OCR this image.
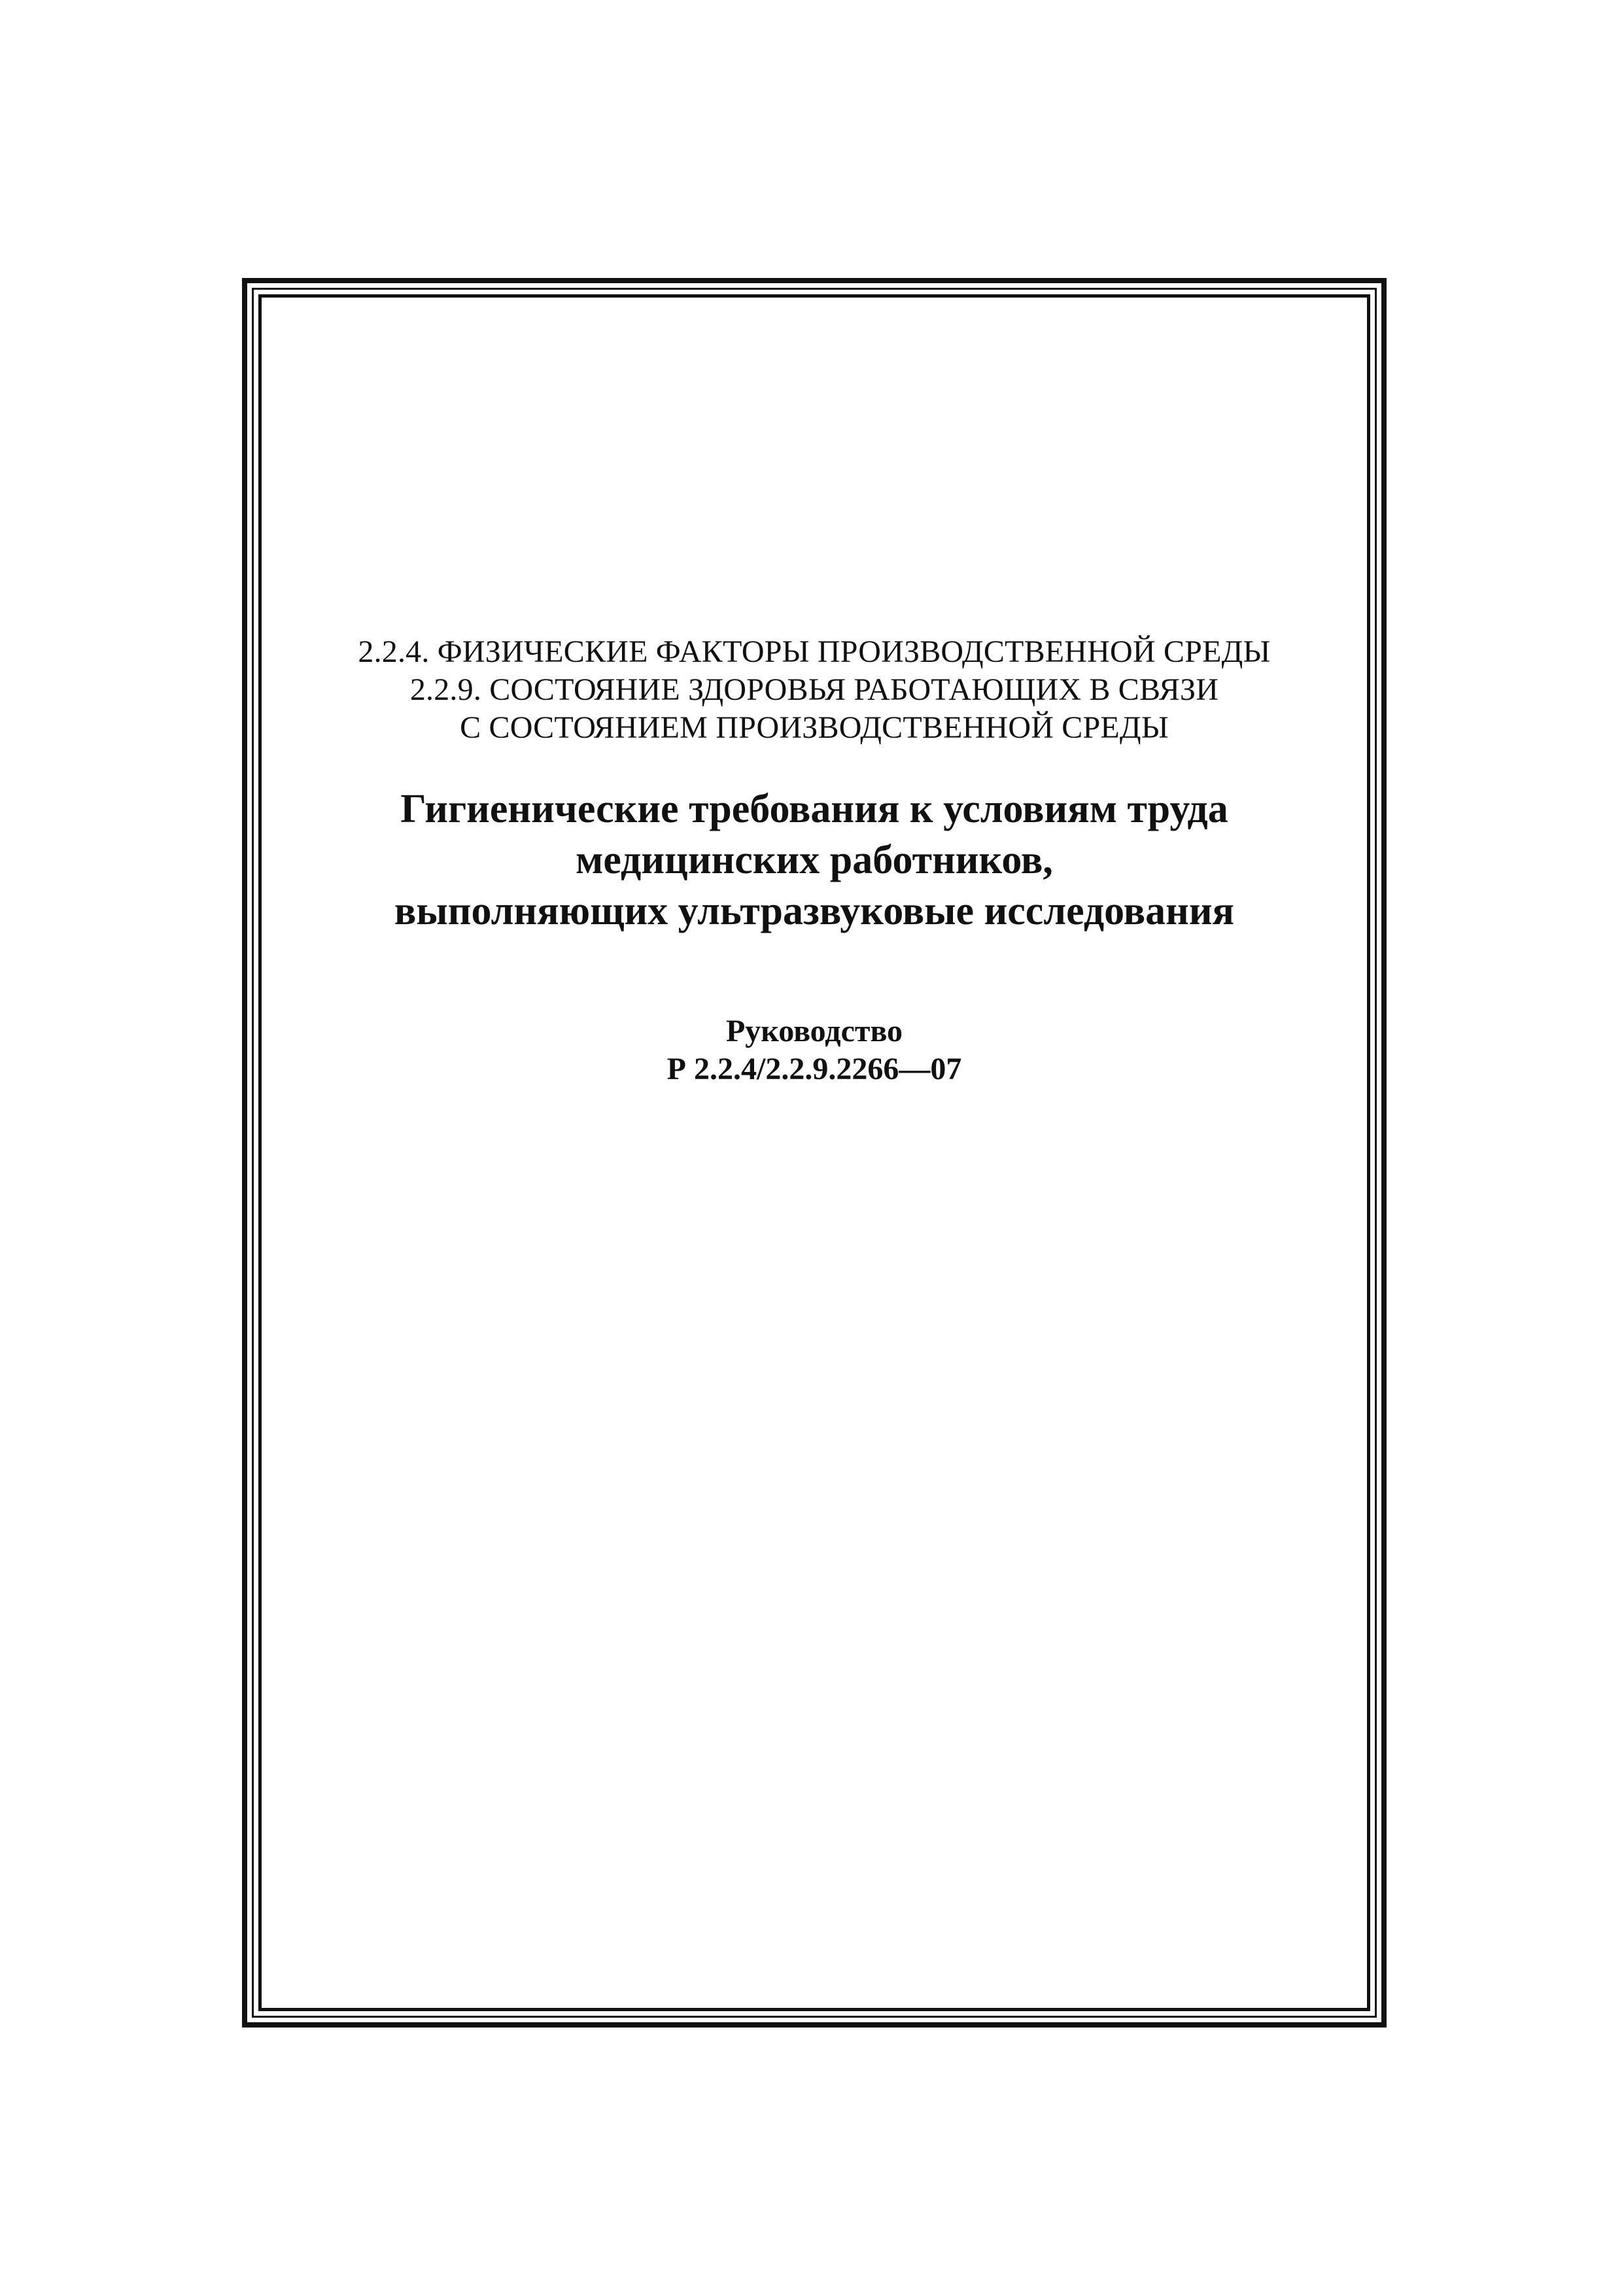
2.2.4. ФИЗИЧЕСКИЕ ФАКТОРЫ ПРОИЗВОДСТВЕННОЙ СРЕДЫ
2.2.9. СОСТОЯНИЕ ЗДОРОВЬЯ РАБОТАЮЩИХ В СВЯЗИ
С СОСТОЯНИЕМ ПРОИЗВОДСТВЕННОЙ СРЕДЫ
Гигиенические требования к условиям труда
медицинских работников,
выполняющих ультразвуковые исследования
Руководство
Р 2.2.4/2.2.9.2266—07
